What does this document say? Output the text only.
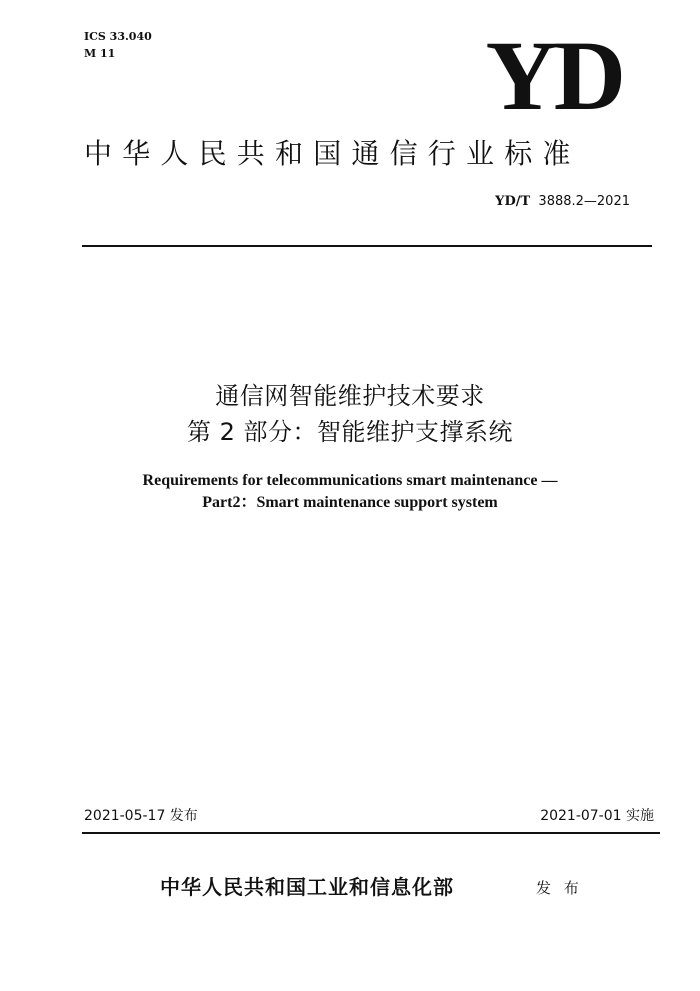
ICS 33.040
M 11	YD
中华人民共和国通信行业标准
YD/T 3888.2—2021
通信网智能维护技术要求
第 2 部分：智能维护支撑系统
Requirements for telecommunications smart maintenance —
Part2：Smart maintenance support system
2021-05-17 发布	2021-07-01 实施
中华人民共和国工业和信息化部	发 布
